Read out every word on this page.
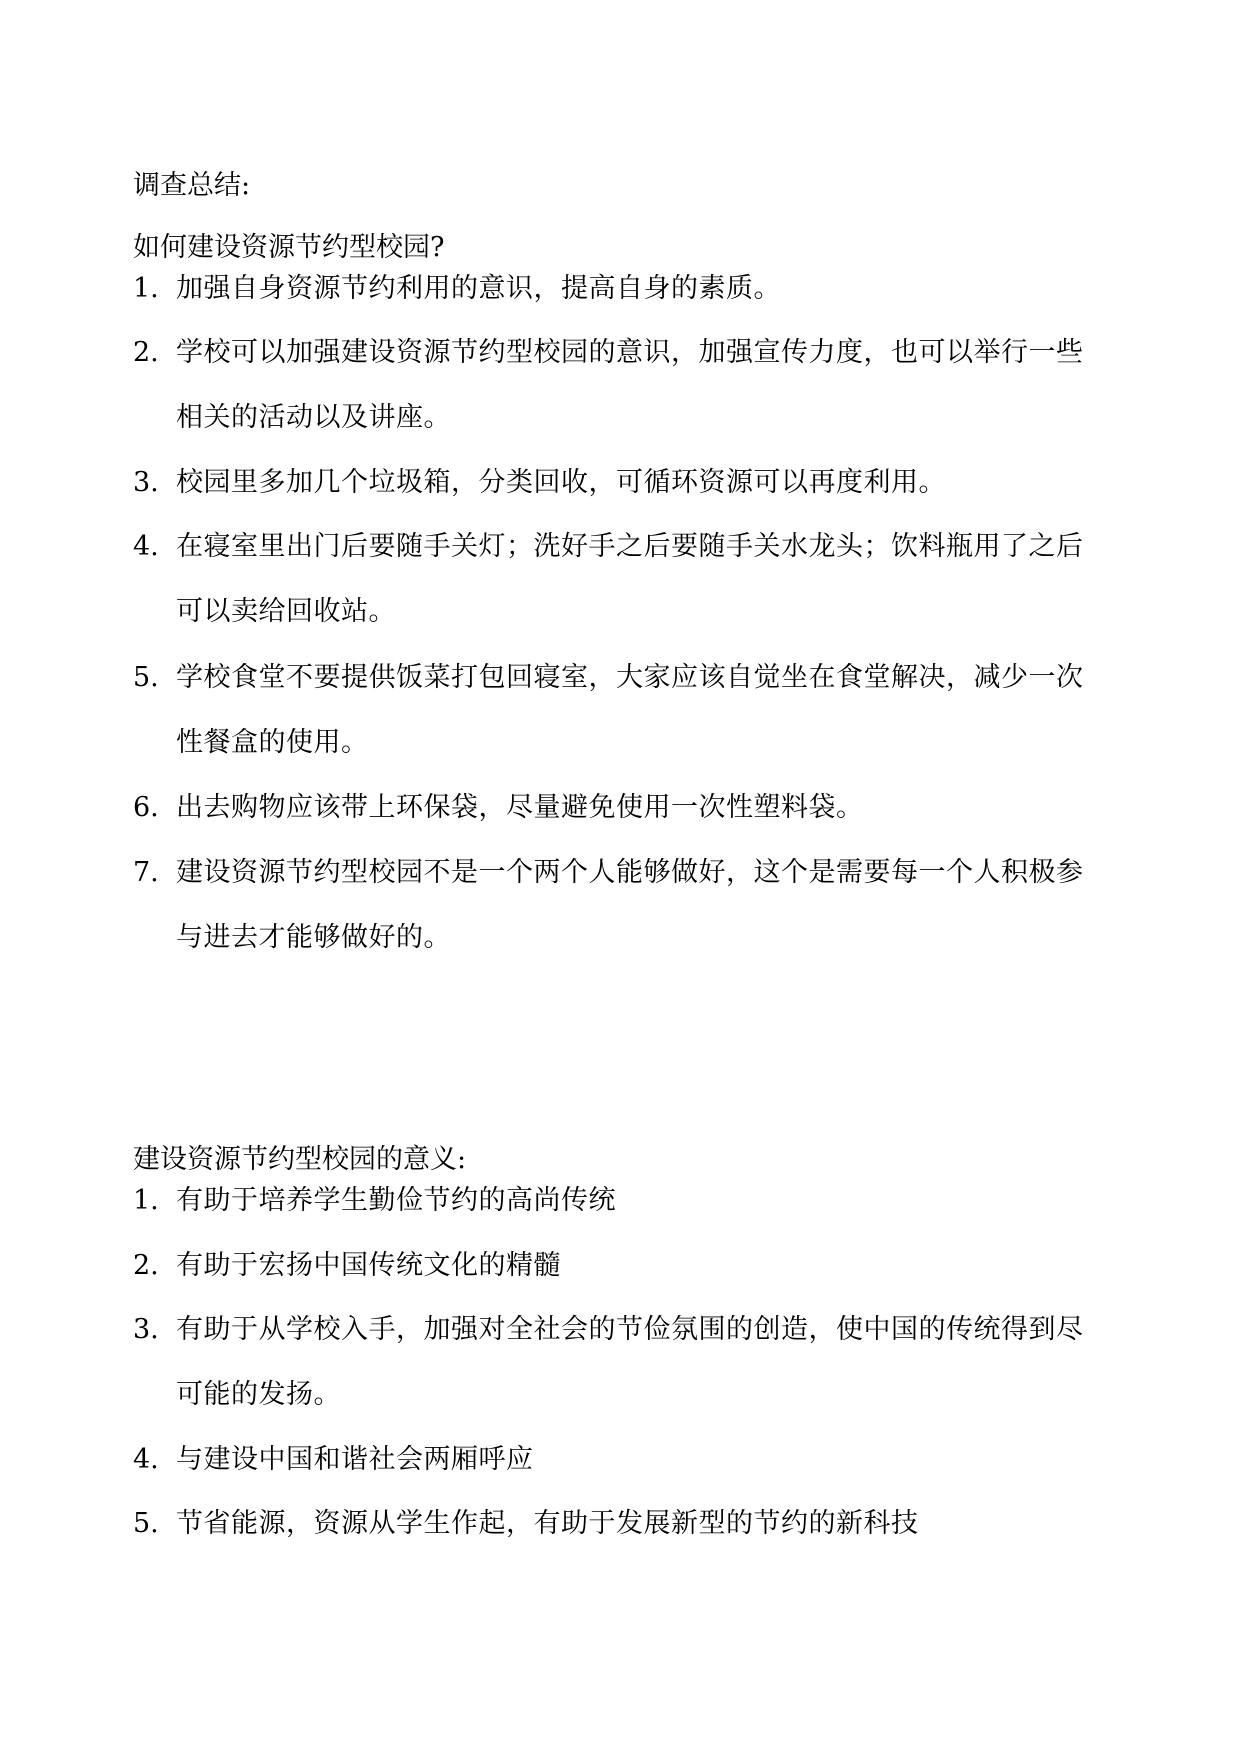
调查总结:
如何建设资源节约型校园?
1. 加强自身资源节约利用的意识，提高自身的素质。
2. 学校可以加强建设资源节约型校园的意识，加强宣传力度，也可以举行一些相关的活动以及讲座。
3. 校园里多加几个垃圾箱，分类回收，可循环资源可以再度利用。
4. 在寝室里出门后要随手关灯；洗好手之后要随手关水龙头；饮料瓶用了之后可以卖给回收站。
5. 学校食堂不要提供饭菜打包回寝室，大家应该自觉坐在食堂解决，减少一次性餐盒的使用。
6. 出去购物应该带上环保袋，尽量避免使用一次性塑料袋。
7. 建设资源节约型校园不是一个两个人能够做好，这个是需要每一个人积极参与进去才能够做好的。
建设资源节约型校园的意义:
1. 有助于培养学生勤俭节约的高尚传统
2. 有助于宏扬中国传统文化的精髓
3. 有助于从学校入手，加强对全社会的节俭氛围的创造，使中国的传统得到尽可能的发扬。
4. 与建设中国和谐社会两厢呼应
5. 节省能源，资源从学生作起，有助于发展新型的节约的新科技
